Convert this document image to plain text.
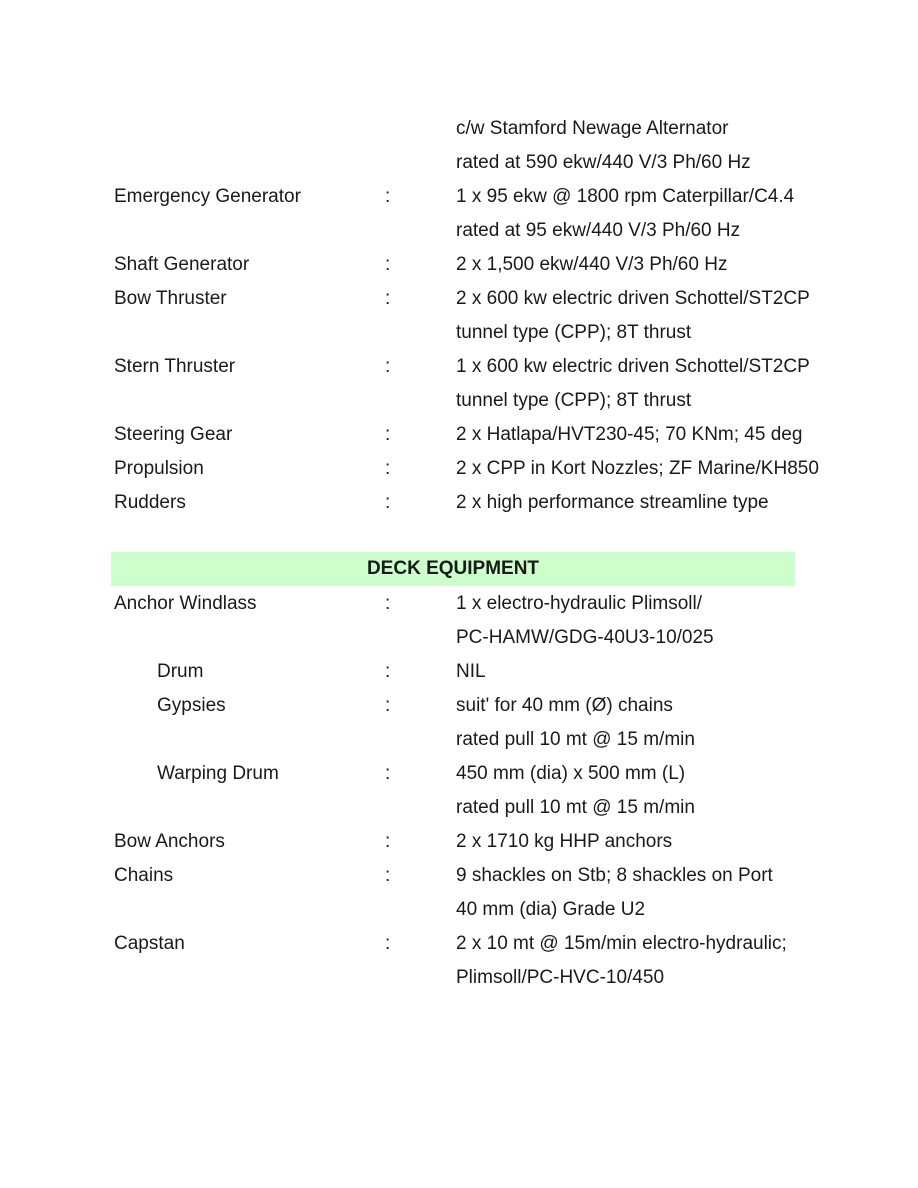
c/w Stamford Newage Alternator
rated at 590 ekw/440 V/3 Ph/60 Hz
Emergency Generator	:	1 x 95 ekw @ 1800 rpm Caterpillar/C4.4
rated at 95 ekw/440 V/3 Ph/60 Hz
Shaft Generator	:	2 x 1,500 ekw/440 V/3 Ph/60 Hz
Bow Thruster	:	2 x 600 kw electric driven Schottel/ST2CP
tunnel type (CPP); 8T thrust
Stern Thruster	:	1 x 600 kw electric driven Schottel/ST2CP
tunnel type (CPP); 8T thrust
Steering Gear	:	2 x Hatlapa/HVT230-45; 70 KNm; 45 deg
Propulsion	:	2 x CPP in Kort Nozzles; ZF Marine/KH850
Rudders	:	2 x high performance streamline type
DECK EQUIPMENT
Anchor Windlass	:	1 x electro-hydraulic Plimsoll/
PC-HAMW/GDG-40U3-10/025
Drum	:	NIL
Gypsies	:	suit' for 40 mm (Ø) chains
rated pull 10 mt @ 15 m/min
Warping Drum	:	450 mm (dia) x 500 mm (L)
rated pull 10 mt @ 15 m/min
Bow Anchors	:	2 x 1710 kg HHP anchors
Chains	:	9 shackles on Stb; 8 shackles on Port
40 mm (dia) Grade U2
Capstan	:	2 x 10 mt @ 15m/min electro-hydraulic;
Plimsoll/PC-HVC-10/450
